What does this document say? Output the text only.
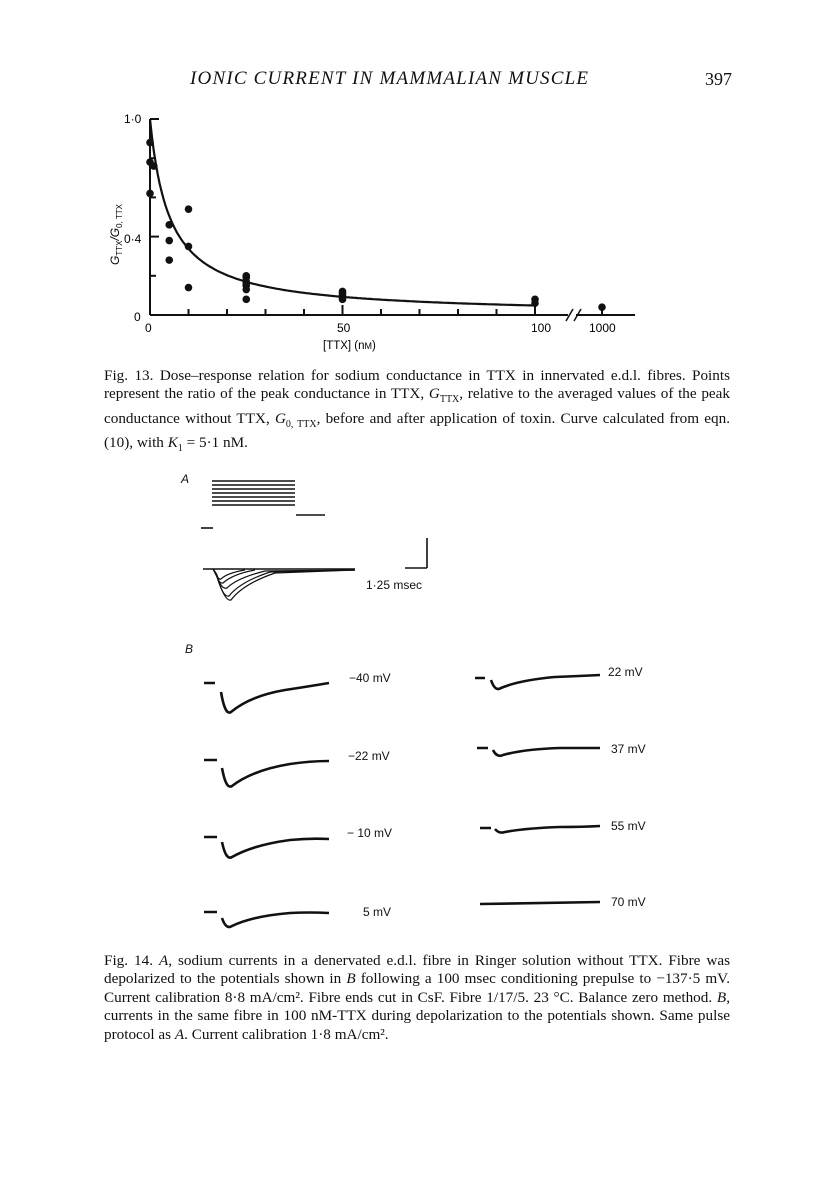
IONIC CURRENT IN MAMMALIAN MUSCLE	397
1·0
0·4
0
0	50	100	1000
[TTX] (nM)
$G_{TTX}/G_{0, TTX}$
Fig. 13. Dose–response relation for sodium conductance in TTX in innervated e.d.l. fibres. Points represent the ratio of the peak conductance in TTX, $G_{TTX}$, relative to the averaged values of the peak conductance without TTX, $G_{0, TTX}$, before and after application of toxin. Curve calculated from eqn. (10), with $K_1 = 5\cdot 1$ nM.
A
1·25 msec
B
−40 mV
−22 mV
− 10 mV
5 mV
22 mV
37 mV
55 mV
70 mV
Fig. 14. A, sodium currents in a denervated e.d.l. fibre in Ringer solution without TTX. Fibre was depolarized to the potentials shown in B following a 100 msec conditioning prepulse to −137·5 mV. Current calibration 8·8 mA/cm². Fibre ends cut in CsF. Fibre 1/17/5. 23 °C. Balance zero method. B, currents in the same fibre in 100 nM-TTX during depolarization to the potentials shown. Same pulse protocol as A. Current calibration 1·8 mA/cm².
